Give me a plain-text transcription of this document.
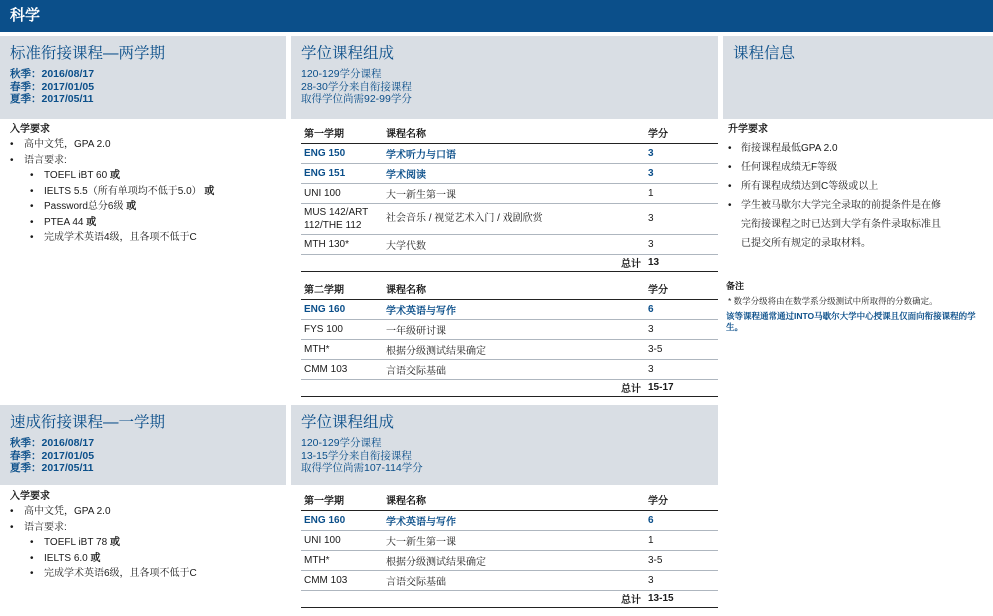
科学
标准衔接课程—两学期
秋季：2016/08/17
春季：2017/01/05
夏季：2017/05/11
学位课程组成
120-129学分课程
28-30学分来自衔接课程
取得学位尚需92-99学分
课程信息
入学要求
• 高中文凭，GPA 2.0
• 语言要求:
• TOEFL iBT 60 或
• IELTS 5.5（所有单项均不低于5.0） 或
• Password总分6级 或
• PTEA 44 或
• 完成学术英语4级，且各项不低于C
第一学期	课程名称	学分
ENG 150	学术听力与口语	3
ENG 151	学术阅读	3
UNI 100	大一新生第一课	1
MUS 142/ART 112/THE 112	社会音乐 / 视觉艺术入门 / 戏剧欣赏	3
MTH 130*	大学代数	3
	总计	13
第二学期	课程名称	学分
ENG 160	学术英语与写作	6
FYS 100	一年级研讨课	3
MTH*	根据分级测试结果确定	3-5
CMM 103	言语交际基础	3
	总计	15-17
升学要求
• 衔接课程最低GPA 2.0
• 任何课程成绩无F等级
• 所有课程成绩达到C等级或以上
• 学生被马歇尔大学完全录取的前提条件是在修
完衔接课程之时已达到大学有条件录取标准且
已提交所有规定的录取材料。
备注
* 数学分级将由在数学系分级测试中所取得的分数确定。
该等课程通常通过INTO马歇尔大学中心授课且仅面向衔接课程的学生。
速成衔接课程—一学期
秋季：2016/08/17
春季：2017/01/05
夏季：2017/05/11
学位课程组成
120-129学分课程
13-15学分来自衔接课程
取得学位尚需107-114学分
入学要求
• 高中文凭，GPA 2.0
• 语言要求:
• TOEFL iBT 78 或
• IELTS 6.0 或
• 完成学术英语6级，且各项不低于C
第一学期	课程名称	学分
ENG 160	学术英语与写作	6
UNI 100	大一新生第一课	1
MTH*	根据分级测试结果确定	3-5
CMM 103	言语交际基础	3
	总计	13-15
